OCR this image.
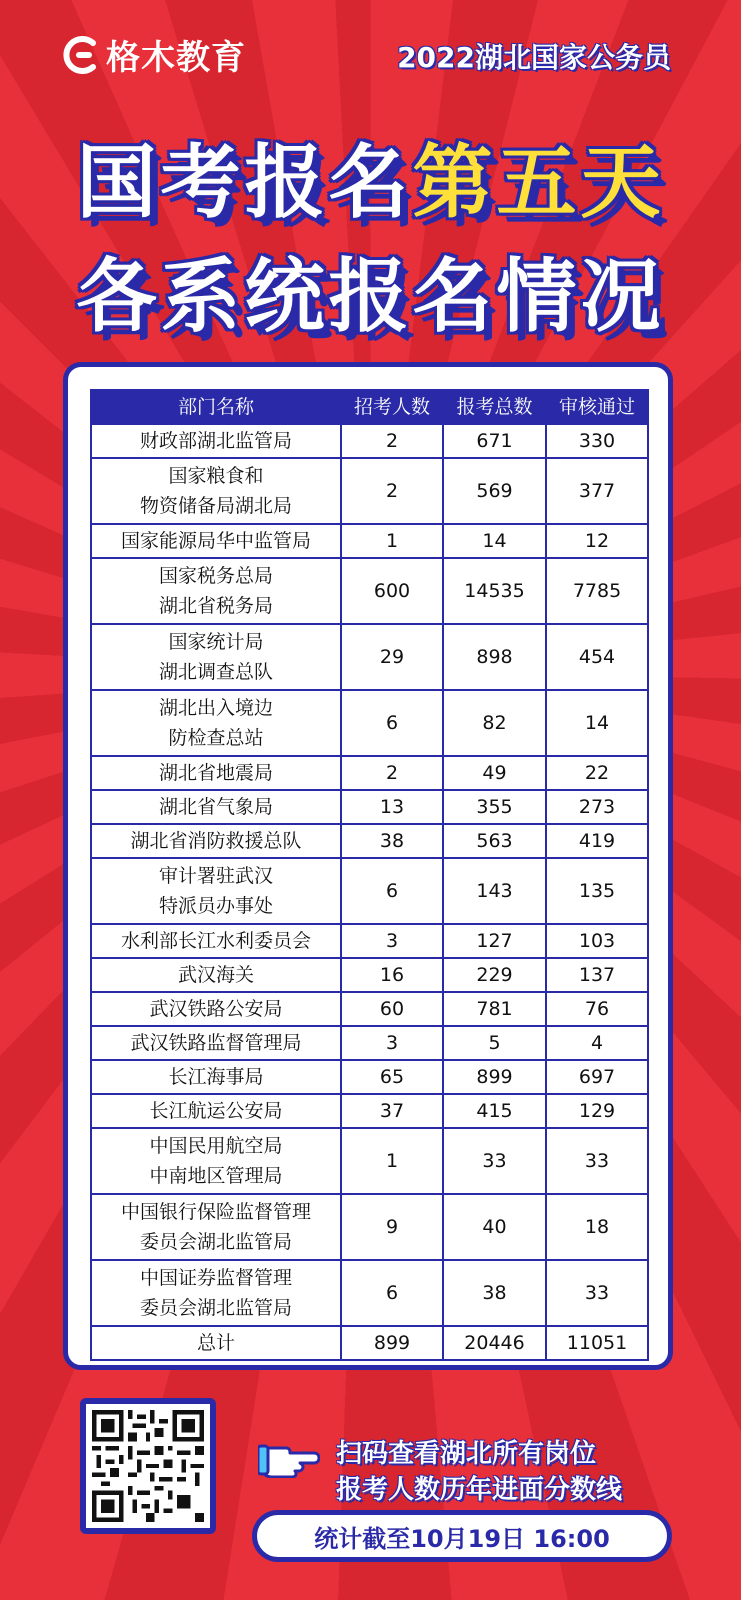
格木教育	2022湖北国家公务员
国考报名第五天
各系统报名情况
部门名称	招考人数	报考总数	审核通过

财政部湖北监管局	2	671	330

国家粮食和
物资储备局湖北局	2	569	377

国家能源局华中监管局	1	14	12

国家税务总局
湖北省税务局	600	14535	7785

国家统计局
湖北调查总队	29	898	454

湖北出入境边
防检查总站	6	82	14

湖北省地震局	2	49	22

湖北省气象局	13	355	273

湖北省消防救援总队	38	563	419

审计署驻武汉
特派员办事处	6	143	135

水利部长江水利委员会	3	127	103

武汉海关	16	229	137

武汉铁路公安局	60	781	76

武汉铁路监督管理局	3	5	4

长江海事局	65	899	697

长江航运公安局	37	415	129

中国民用航空局
中南地区管理局	1	33	33

中国银行保险监督管理
委员会湖北监管局	9	40	18

中国证券监督管理
委员会湖北监管局	6	38	33

总计	899	20446	11051
扫码查看湖北所有岗位
报考人数历年进面分数线
统计截至10月19日 16:00
